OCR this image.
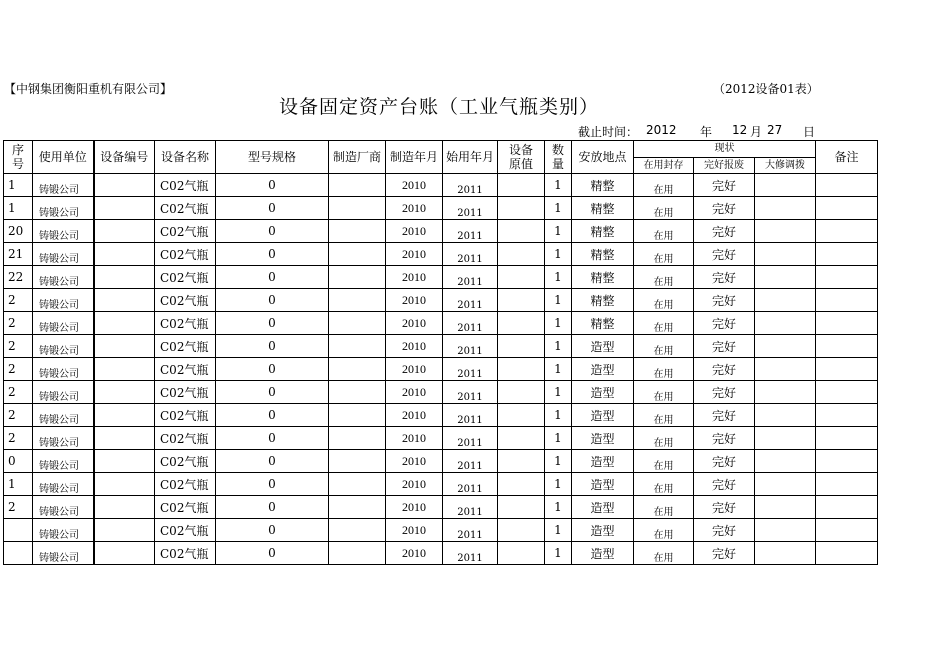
【中钢集团衡阳重机有限公司】	（2012设备01表）
设备固定资产台账（工业气瓶类别）
截止时间： 2012 年 12 月 27 日
序号	使用单位	设备编号	设备名称	型号规格	制造厂商	制造年月	始用年月	设备原值	数量	安放地点	现状			备注
											在用封存	完好报废	大修调拨	
1	铸锻公司		C02气瓶	0		2010	2011		1	精整	在用	完好		
1	铸锻公司		C02气瓶	0		2010	2011		1	精整	在用	完好		
20	铸锻公司		C02气瓶	0		2010	2011		1	精整	在用	完好		
21	铸锻公司		C02气瓶	0		2010	2011		1	精整	在用	完好		
22	铸锻公司		C02气瓶	0		2010	2011		1	精整	在用	完好		
2	铸锻公司		C02气瓶	0		2010	2011		1	精整	在用	完好		
2	铸锻公司		C02气瓶	0		2010	2011		1	精整	在用	完好		
2	铸锻公司		C02气瓶	0		2010	2011		1	造型	在用	完好		
2	铸锻公司		C02气瓶	0		2010	2011		1	造型	在用	完好		
2	铸锻公司		C02气瓶	0		2010	2011		1	造型	在用	完好		
2	铸锻公司		C02气瓶	0		2010	2011		1	造型	在用	完好		
2	铸锻公司		C02气瓶	0		2010	2011		1	造型	在用	完好		
0	铸锻公司		C02气瓶	0		2010	2011		1	造型	在用	完好		
1	铸锻公司		C02气瓶	0		2010	2011		1	造型	在用	完好		
2	铸锻公司		C02气瓶	0		2010	2011		1	造型	在用	完好		
	铸锻公司		C02气瓶	0		2010	2011		1	造型	在用	完好		
	铸锻公司		C02气瓶	0		2010	2011		1	造型	在用	完好		
